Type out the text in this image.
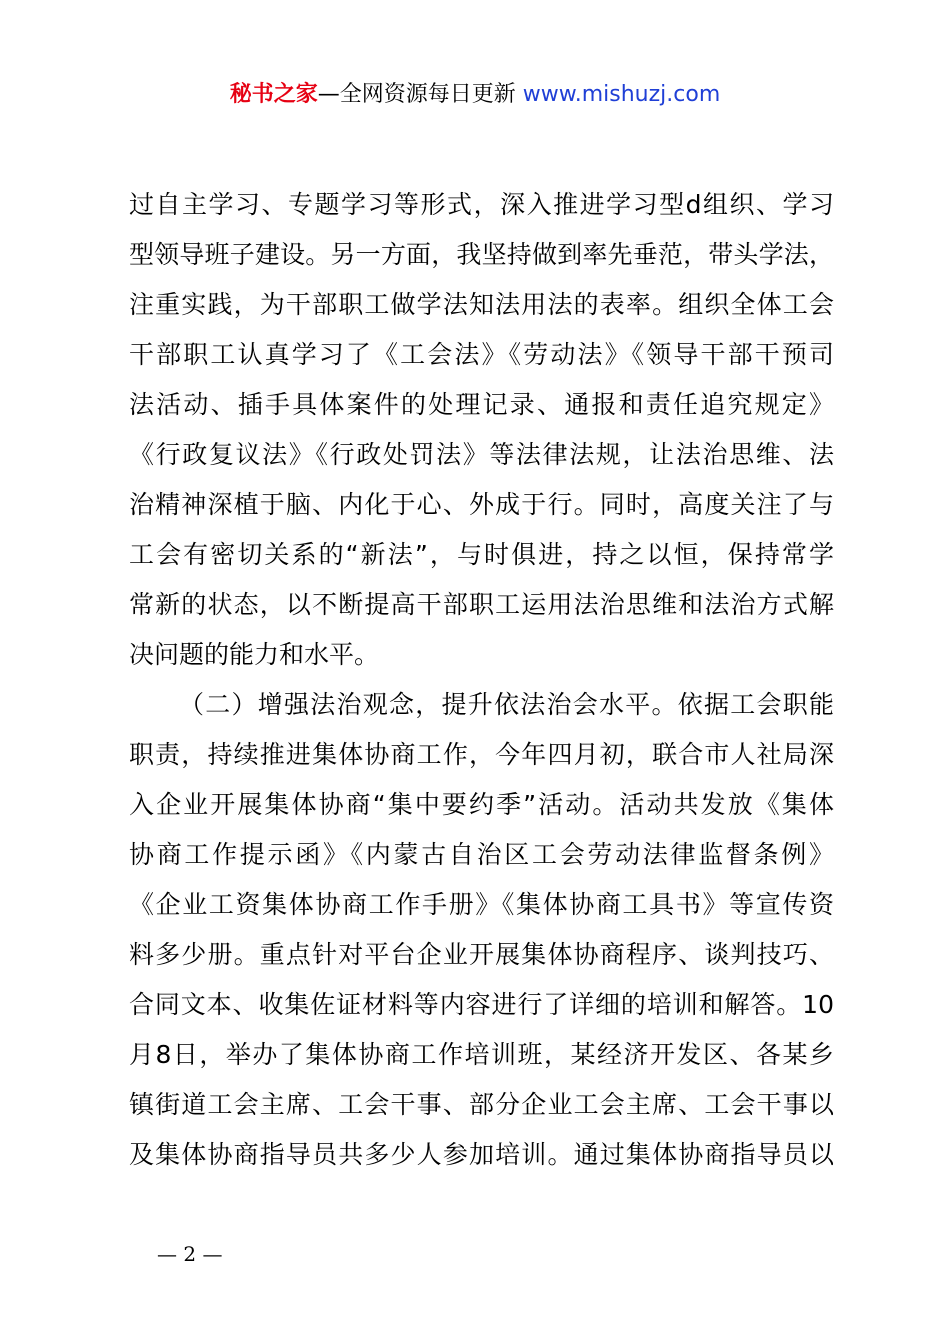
秘书之家—全网资源每日更新 www.mishuzj.com
过自主学习、专题学习等形式，深入推进学习型d组织、学习
型领导班子建设。另一方面，我坚持做到率先垂范，带头学法，
注重实践，为干部职工做学法知法用法的表率。组织全体工会
干部职工认真学习了《工会法》《劳动法》《领导干部干预司
法活动、插手具体案件的处理记录、通报和责任追究规定》
《行政复议法》《行政处罚法》等法律法规，让法治思维、法
治精神深植于脑、内化于心、外成于行。同时，高度关注了与
工会有密切关系的“新法”，与时俱进，持之以恒，保持常学
常新的状态，以不断提高干部职工运用法治思维和法治方式解
决问题的能力和水平。
（二）增强法治观念，提升依法治会水平。依据工会职能
职责，持续推进集体协商工作，今年四月初，联合市人社局深
入企业开展集体协商“集中要约季”活动。活动共发放《集体
协商工作提示函》《内蒙古自治区工会劳动法律监督条例》
《企业工资集体协商工作手册》《集体协商工具书》等宣传资
料多少册。重点针对平台企业开展集体协商程序、谈判技巧、
合同文本、收集佐证材料等内容进行了详细的培训和解答。10
月8日，举办了集体协商工作培训班，某经济开发区、各某乡
镇街道工会主席、工会干事、部分企业工会主席、工会干事以
及集体协商指导员共多少人参加培训。通过集体协商指导员以
— 2 —
